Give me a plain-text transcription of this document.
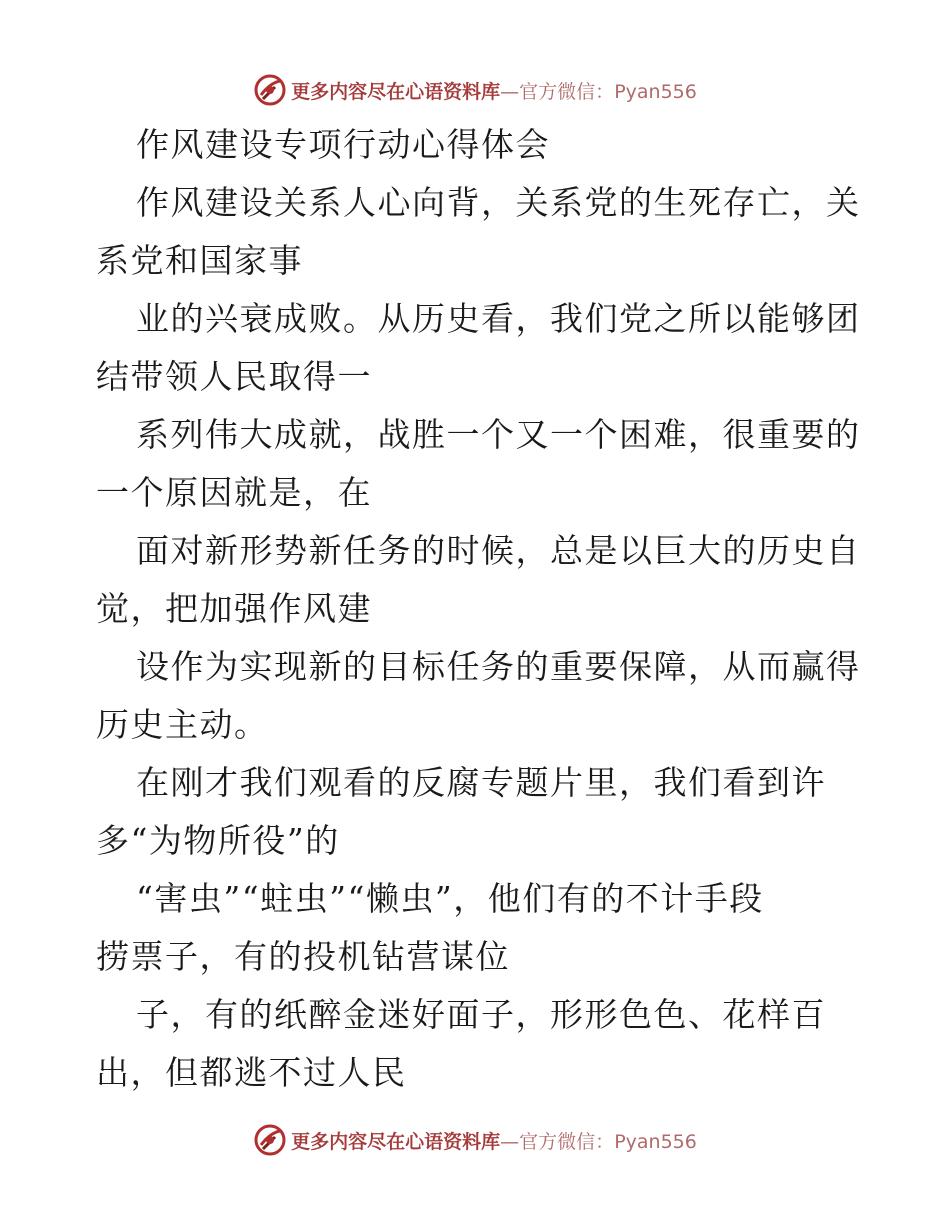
更多内容尽在心语资料库—官方微信：Pyan556
作风建设专项行动心得体会
作风建设关系人心向背，关系党的生死存亡，关
系党和国家事
业的兴衰成败。从历史看，我们党之所以能够团
结带领人民取得一
系列伟大成就，战胜一个又一个困难，很重要的
一个原因就是，在
面对新形势新任务的时候，总是以巨大的历史自
觉，把加强作风建
设作为实现新的目标任务的重要保障，从而赢得
历史主动。
在刚才我们观看的反腐专题片里，我们看到许
多“为物所役”的
“害虫”“蛀虫”“懒虫”，他们有的不计手段
捞票子，有的投机钻营谋位
子，有的纸醉金迷好面子，形形色色、花样百
出，但都逃不过人民
更多内容尽在心语资料库—官方微信：Pyan556
